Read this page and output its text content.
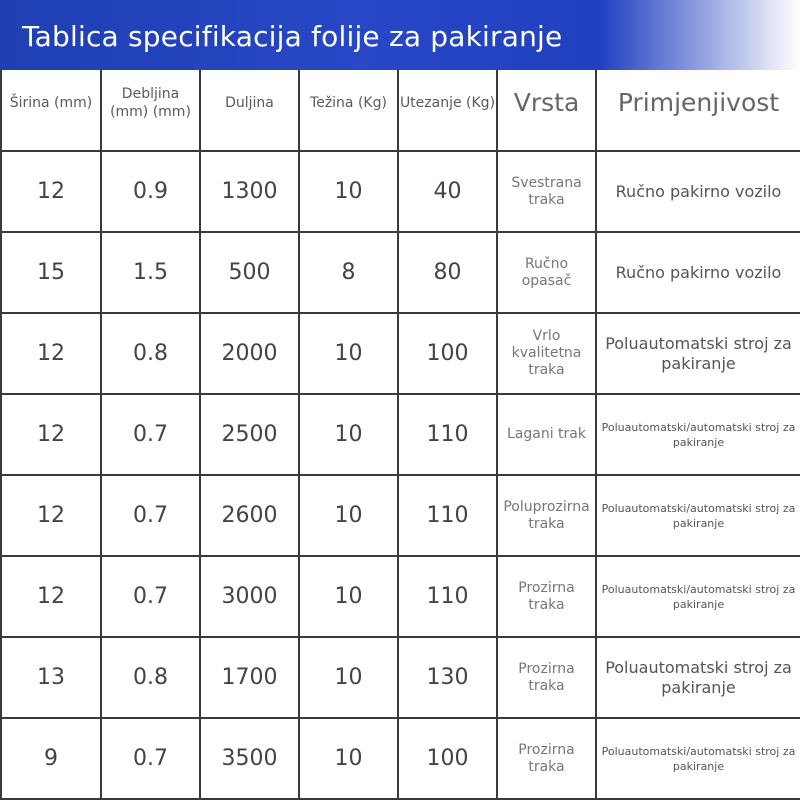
Tablica specifikacija folije za pakiranje
Širina (mm)	Debljina (mm) (mm)	Duljina	Težina (Kg)	Utezanje (Kg)	Vrsta	Primjenjivost

12	0.9	1300	10	40	Svestrana traka	Ručno pakirno vozilo

15	1.5	500	8	80	Ručno opasač	Ručno pakirno vozilo

12	0.8	2000	10	100	Vrlo kvalitetna traka	Poluautomatski stroj za pakiranje

12	0.7	2500	10	110	Lagani trak	Poluautomatski/automatski stroj za pakiranje

12	0.7	2600	10	110	Poluprozirna traka	Poluautomatski/automatski stroj za pakiranje

12	0.7	3000	10	110	Prozirna traka	Poluautomatski/automatski stroj za pakiranje

13	0.8	1700	10	130	Prozirna traka	Poluautomatski stroj za pakiranje

9	0.7	3500	10	100	Prozirna traka	Poluautomatski/automatski stroj za pakiranje
